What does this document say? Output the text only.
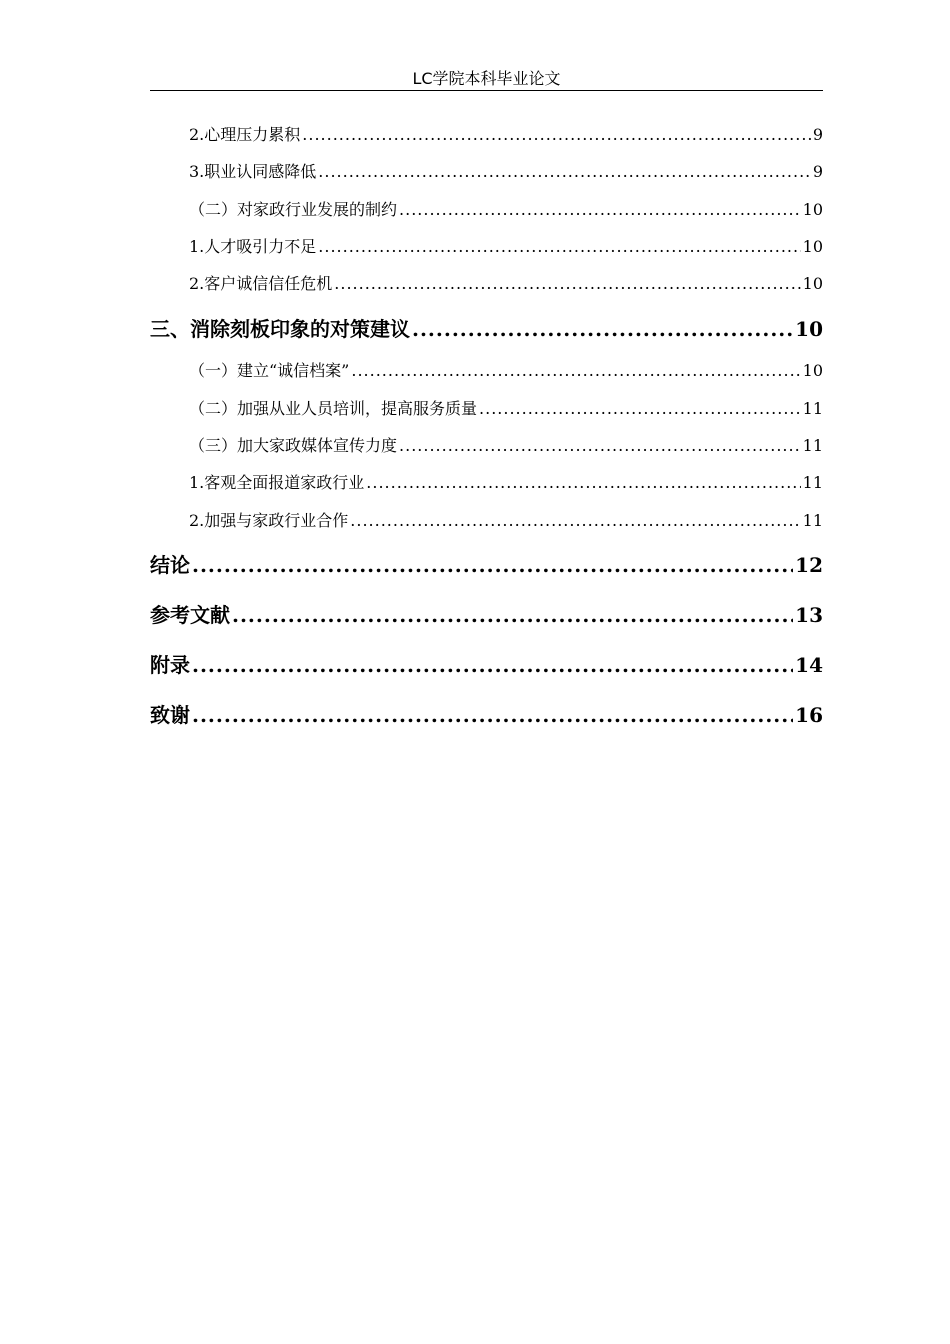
LC学院本科毕业论文
2.心理压力累积 .....	9
3.职业认同感降低 .....	9
（二）对家政行业发展的制约 .....	10
1.人才吸引力不足 .....	10
2.客户诚信信任危机 .....	10
三、消除刻板印象的对策建议 .....	10
（一）建立“诚信档案” .....	10
（二）加强从业人员培训，提高服务质量 .....	11
（三）加大家政媒体宣传力度 .....	11
1.客观全面报道家政行业 .....	11
2.加强与家政行业合作 .....	11
结论 .....	12
参考文献 .....	13
附录 .....	14
致谢 .....	16
